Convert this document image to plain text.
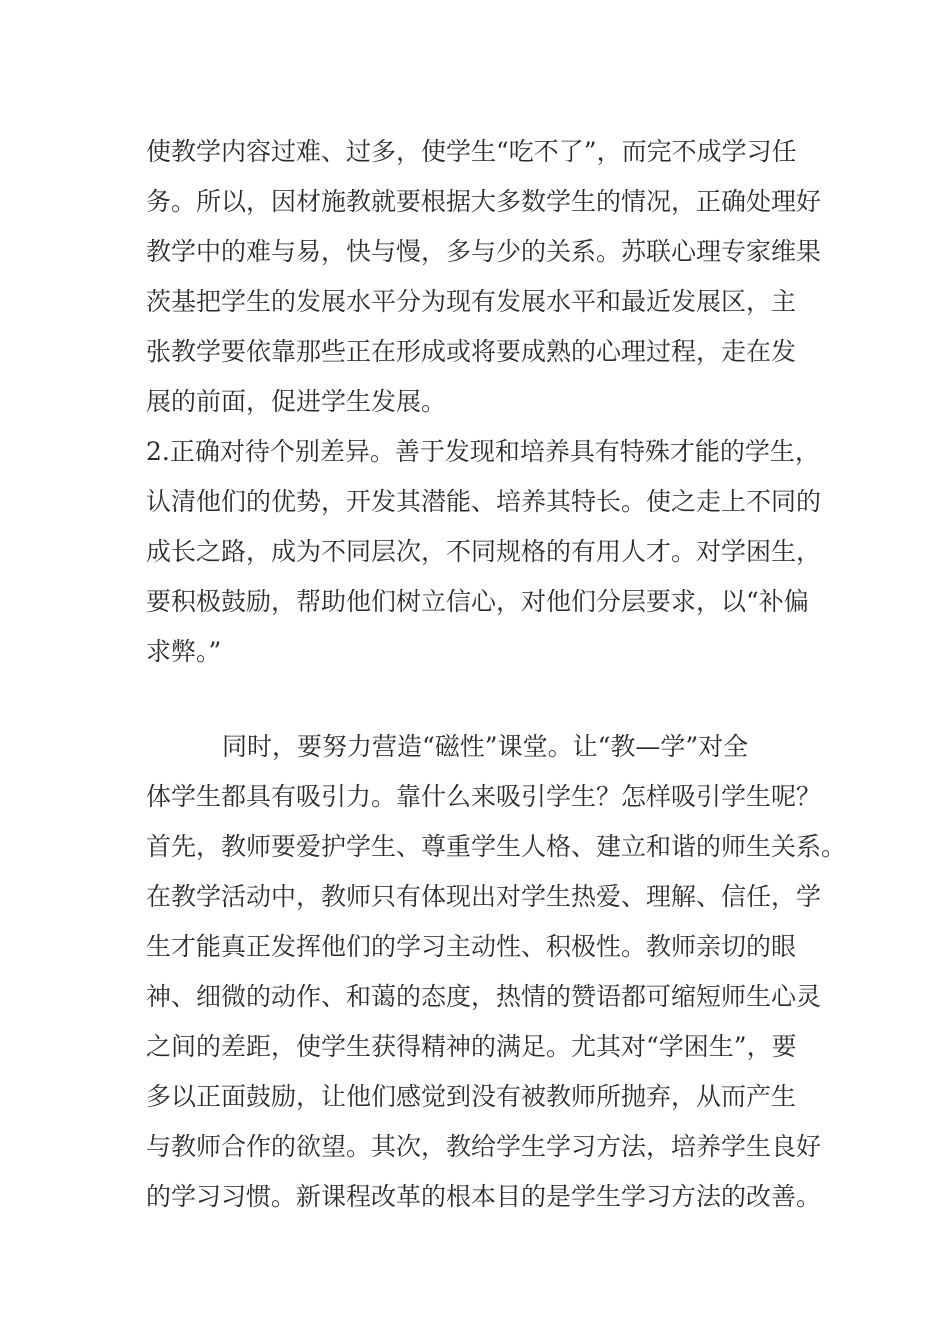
使教学内容过难、过多，使学生“吃不了”，而完不成学习任
务。所以，因材施教就要根据大多数学生的情况，正确处理好
教学中的难与易，快与慢，多与少的关系。苏联心理专家维果
茨基把学生的发展水平分为现有发展水平和最近发展区，主
张教学要依靠那些正在形成或将要成熟的心理过程，走在发
展的前面，促进学生发展。
2.正确对待个别差异。善于发现和培养具有特殊才能的学生，
认清他们的优势，开发其潜能、培养其特长。使之走上不同的
成长之路，成为不同层次，不同规格的有用人才。对学困生，
要积极鼓励，帮助他们树立信心，对他们分层要求，以“补偏
求弊。”
同时，要努力营造“磁性”课堂。让“教—学”对全
体学生都具有吸引力。靠什么来吸引学生？怎样吸引学生呢？
首先，教师要爱护学生、尊重学生人格、建立和谐的师生关系。
在教学活动中，教师只有体现出对学生热爱、理解、信任，学
生才能真正发挥他们的学习主动性、积极性。教师亲切的眼
神、细微的动作、和蔼的态度，热情的赞语都可缩短师生心灵
之间的差距，使学生获得精神的满足。尤其对“学困生”，要
多以正面鼓励，让他们感觉到没有被教师所抛弃，从而产生
与教师合作的欲望。其次，教给学生学习方法，培养学生良好
的学习习惯。新课程改革的根本目的是学生学习方法的改善。
